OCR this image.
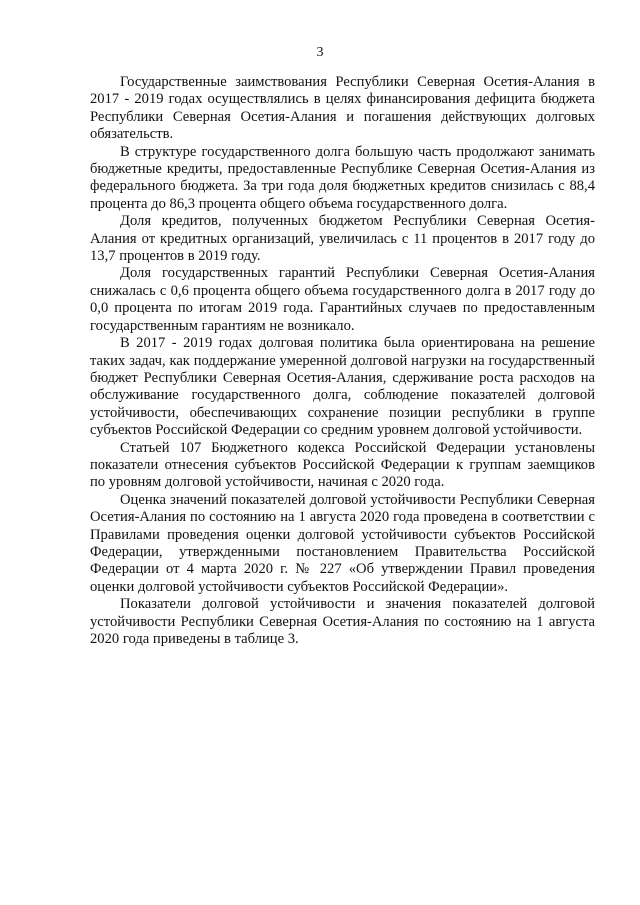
3

Государственные заимствования Республики Северная Осетия-Алания в 2017 - 2019 годах осуществлялись в целях финансирования дефицита бюджета Республики Северная Осетия-Алания и погашения действующих долговых обязательств.

В структуре государственного долга большую часть продолжают занимать бюджетные кредиты, предоставленные Республике Северная Осетия-Алания из федерального бюджета. За три года доля бюджетных кредитов снизилась с 88,4 процента до 86,3 процента общего объема государственного долга.

Доля кредитов, полученных бюджетом Республики Северная Осетия-Алания от кредитных организаций, увеличилась с 11 процентов в 2017 году до 13,7 процентов в 2019 году.

Доля государственных гарантий Республики Северная Осетия-Алания снижалась с 0,6 процента общего объема государственного долга в 2017 году до 0,0 процента по итогам 2019 года. Гарантийных случаев по предоставленным государственным гарантиям не возникало.

В 2017 - 2019 годах долговая политика была ориентирована на решение таких задач, как поддержание умеренной долговой нагрузки на государственный бюджет Республики Северная Осетия-Алания, сдерживание роста расходов на обслуживание государственного долга, соблюдение показателей долговой устойчивости, обеспечивающих сохранение позиции республики в группе субъектов Российской Федерации со средним уровнем долговой устойчивости.

Статьей 107 Бюджетного кодекса Российской Федерации установлены показатели отнесения субъектов Российской Федерации к группам заемщиков по уровням долговой устойчивости, начиная с 2020 года.

Оценка значений показателей долговой устойчивости Республики Северная Осетия-Алания по состоянию на 1 августа 2020 года проведена в соответствии с Правилами проведения оценки долговой устойчивости субъектов Российской Федерации, утвержденными постановлением Правительства Российской Федерации от 4 марта 2020 г. № 227 «Об утверждении Правил проведения оценки долговой устойчивости субъектов Российской Федерации».

Показатели долговой устойчивости и значения показателей долговой устойчивости Республики Северная Осетия-Алания по состоянию на 1 августа 2020 года приведены в таблице 3.
